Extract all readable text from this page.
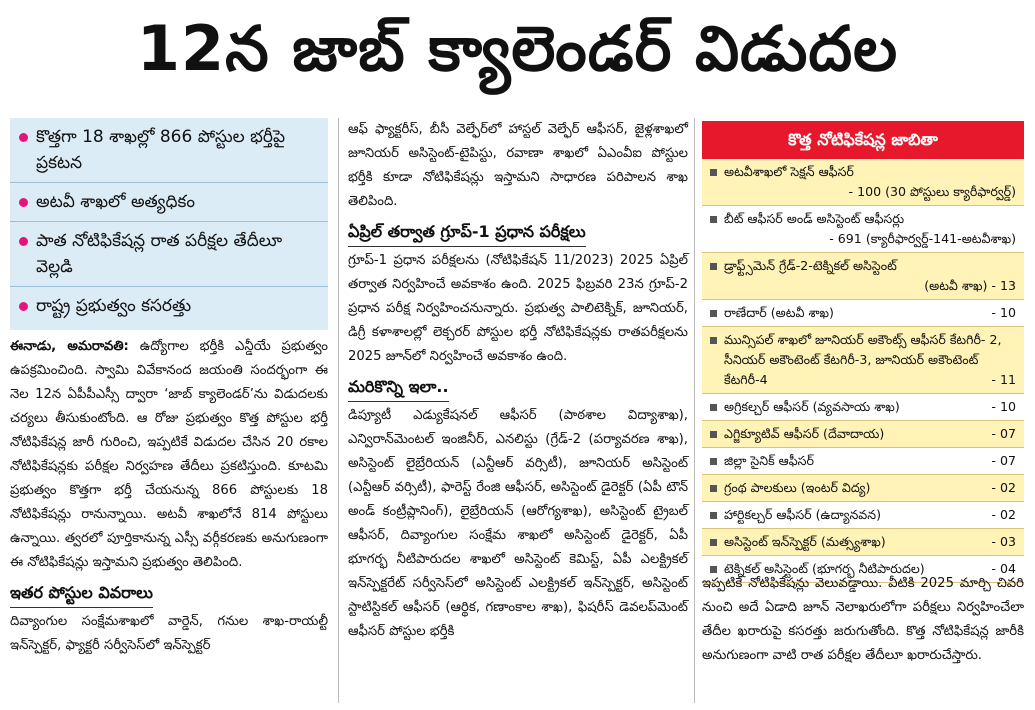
12న జాబ్ క్యాలెండర్ విడుదల
కొత్తగా 18 శాఖల్లో 866 పోస్టుల భర్తీపై ప్రకటన
అటవీ శాఖలో అత్యధికం
పాత నోటిఫికేషన్ల రాత పరీక్షల తేదీలూ వెల్లడి
రాష్ట్ర ప్రభుత్వం కసరత్తు

ఈనాడు, అమరావతి: ఉద్యోగాల భర్తీకి ఎన్డీయే ప్రభుత్వం ఉపక్రమించింది. స్వామి వివేకానంద జయంతి సందర్భంగా ఈ నెల 12న ఏపీపీఎస్సీ ద్వారా ‘జాబ్ క్యాలెండర్’ను విడుదలకు చర్యలు తీసుకుంటోంది. ఆ రోజు ప్రభుత్వం కొత్త పోస్టుల భర్తీ నోటిఫికేషన్ల జారీ గురించి, ఇప్పటికే విడుదల చేసిన 20 రకాల నోటిఫికేషన్లకు పరీక్షల నిర్వహణ తేదీలు ప్రకటిస్తుంది. కూటమి ప్రభుత్వం కొత్తగా భర్తీ చేయనున్న 866 పోస్టులకు 18 నోటిఫికేషన్లు రానున్నాయి. అటవీ శాఖలోనే 814 పోస్టులు ఉన్నాయి. త్వరలో పూర్తికానున్న ఎస్సీ వర్గీకరణకు అనుగుణంగా ఈ నోటిఫికేషన్లు ఇస్తామని ప్రభుత్వం తెలిపింది.

ఇతర పోస్టుల వివరాలు

దివ్యాంగుల సంక్షేమశాఖలో వార్డెన్, గనుల శాఖ-రాయల్టీ ఇన్‌స్పెక్టర్, ఫ్యాక్టరీ సర్వీసెస్‌లో ఇన్‌స్పెక్టర్

ఆఫ్ ఫ్యాక్టరీస్, బీసీ వెల్ఫేర్‌లో హాస్టల్ వెల్ఫేర్ ఆఫీసర్, జైళ్లశాఖలో జూనియర్ అసిస్టెంట్-టైపిస్టు, రవాణా శాఖలో ఏఎంవీఐ పోస్టుల భర్తీకి కూడా నోటిఫికేషన్లు ఇస్తామని సాధారణ పరిపాలన శాఖ తెలిపింది.

ఏప్రిల్ తర్వాత గ్రూప్-1 ప్రధాన పరీక్షలు

గ్రూప్-1 ప్రధాన పరీక్షలను (నోటిఫికేషన్ 11/2023) 2025 ఏప్రిల్ తర్వాత నిర్వహించే అవకాశం ఉంది. 2025 ఫిబ్రవరి 23న గ్రూప్-2 ప్రధాన పరీక్ష నిర్వహించనున్నారు. ప్రభుత్వ పాలిటెక్నిక్, జూనియర్, డిగ్రీ కళాశాలల్లో లెక్చరర్ పోస్టుల భర్తీ నోటిఫికేషన్లకు రాతపరీక్షలను 2025 జూన్‌లో నిర్వహించే అవకాశం ఉంది.

మరికొన్ని ఇలా..

డిప్యూటీ ఎడ్యుకేషనల్ ఆఫీసర్ (పాఠశాల విద్యాశాఖ), ఎన్విరాన్‌మెంటల్ ఇంజినీర్, ఎనలిస్టు (గ్రేడ్-2 (పర్యావరణ శాఖ), అసిస్టెంట్ లైబ్రేరియన్ (ఎన్టీఆర్ వర్సిటీ), జూనియర్ అసిస్టెంట్ (ఎన్టీఆర్ వర్సిటీ), ఫారెస్ట్ రేంజి ఆఫీసర్, అసిస్టెంట్ డైరెక్టర్ (ఏపీ టౌన్ అండ్ కంట్రీప్లానింగ్), లైబ్రేరియన్ (ఆరోగ్యశాఖ), అసిస్టెంట్ ట్రైబల్ ఆఫీసర్, దివ్యాంగుల సంక్షేమ శాఖలో అసిస్టెంట్ డైరెక్టర్, ఏపీ భూగర్భ నీటిపారుదల శాఖలో అసిస్టెంట్ కెమిస్ట్, ఏపీ ఎలక్ట్రికల్ ఇన్‌స్పెక్టరేట్ సర్వీసెస్‌లో అసిస్టెంట్ ఎలక్ట్రికల్ ఇన్‌స్పెక్టర్, అసిస్టెంట్ స్టాటిస్టికల్ ఆఫీసర్ (ఆర్థిక, గణాంకాల శాఖ), ఫిషరీస్ డెవలప్‌మెంట్ ఆఫీసర్ పోస్టుల భర్తీకి

కొత్త నోటిఫికేషన్ల జాబితా
అటవీశాఖలో సెక్షన్ ఆఫీసర్
- 100 (30 పోస్టులు క్యారీఫార్వర్డ్)
బీట్ ఆఫీసర్ అండ్ అసిస్టెంట్ ఆఫీసర్లు
- 691 (క్యారీఫార్వర్డ్-141-అటవీశాఖ)
డ్రాఫ్ట్స్‌మెన్ గ్రేడ్-2-టెక్నికల్ అసిస్టెంట్
(అటవీ శాఖ) - 13
రాణేదార్ (అటవీ శాఖ)	- 10
మున్సిపల్ శాఖలో జూనియర్ అకౌంట్స్ ఆఫీసర్ కేటగిరీ- 2, సీనియర్ అకౌంటెంట్ కేటగిరీ-3, జూనియర్ అకౌంటెంట్ కేటగిరీ-4	- 11
అగ్రికల్చర్ ఆఫీసర్ (వ్యవసాయ శాఖ)	- 10
ఎగ్జిక్యూటివ్ ఆఫీసర్ (దేవాదాయ)	- 07
జిల్లా సైనిక్ ఆఫీసర్	- 07
గ్రంథ పాలకులు (ఇంటర్ విద్య)	- 02
హార్టికల్చర్ ఆఫీసర్ (ఉద్యానవన)	- 02
అసిస్టెంట్ ఇన్‌స్పెక్టర్ (మత్స్యశాఖ)	- 03
టెక్నికల్ అసిస్టెంట్ (భూగర్భ నీటిపారుదల)	- 04

ఇప్పటికే నోటిఫికేషన్లు వెలువడ్డాయి. వీటికి 2025 మార్చి చివరి నుంచి అదే ఏడాది జూన్ నెలాఖరులోగా పరీక్షలు నిర్వహించేలా తేదీల ఖరారుపై కసరత్తు జరుగుతోంది. కొత్త నోటిఫికేషన్ల జారీకి అనుగుణంగా వాటి రాత పరీక్షల తేదీలూ ఖరారుచేస్తారు.
